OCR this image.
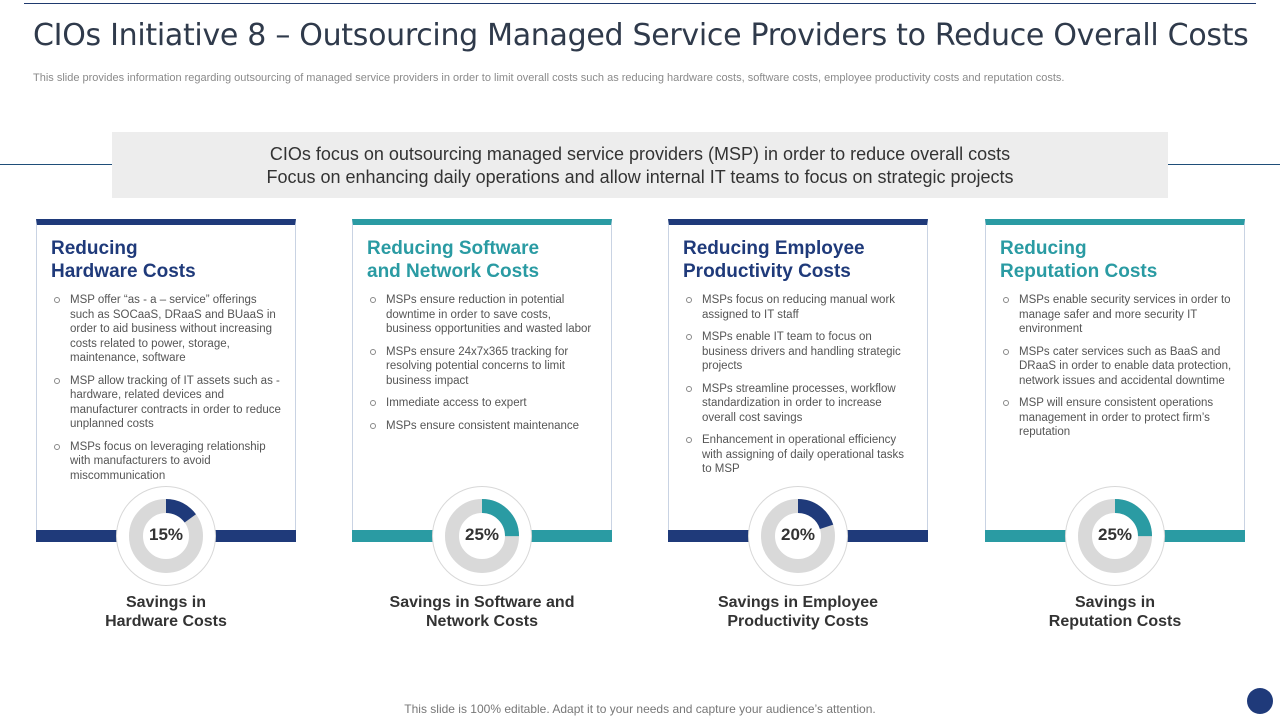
CIOs Initiative 8 – Outsourcing Managed Service Providers to Reduce Overall Costs
This slide provides information regarding outsourcing of managed service providers in order to limit overall costs such as reducing hardware costs, software costs, employee productivity costs and reputation costs.
CIOs focus on outsourcing managed service providers (MSP) in order to reduce overall costs
Focus on enhancing daily operations and allow internal IT teams to focus on strategic projects
Reducing
Hardware Costs
MSP offer “as - a – service” offerings such as SOCaaS, DRaaS and BUaaS in order to aid business without increasing costs related to power, storage, maintenance, software
MSP allow tracking of IT assets such as - hardware, related devices and manufacturer contracts in order to reduce unplanned costs
MSPs focus on leveraging relationship with manufacturers to avoid miscommunication
15%
Savings in
Hardware Costs
Reducing Software
and Network Costs
MSPs ensure reduction in potential downtime in order to save costs, business opportunities and wasted labor
MSPs ensure 24x7x365 tracking for resolving potential concerns to limit business impact
Immediate access to expert
MSPs ensure consistent maintenance
25%
Savings in Software and
Network Costs
Reducing Employee
Productivity Costs
MSPs focus on reducing manual work assigned to IT staff
MSPs enable IT team to focus on business drivers and handling strategic projects
MSPs streamline processes, workflow standardization in order to increase overall cost savings
Enhancement in operational efficiency with assigning of daily operational tasks to MSP
20%
Savings in Employee
Productivity Costs
Reducing
Reputation Costs
MSPs enable security services in order to manage safer and more security IT environment
MSPs cater services such as BaaS and DRaaS in order to enable data protection, network issues and accidental downtime
MSP will ensure consistent operations management in order to protect firm’s reputation
25%
Savings in
Reputation Costs
This slide is 100% editable. Adapt it to your needs and capture your audience’s attention.
